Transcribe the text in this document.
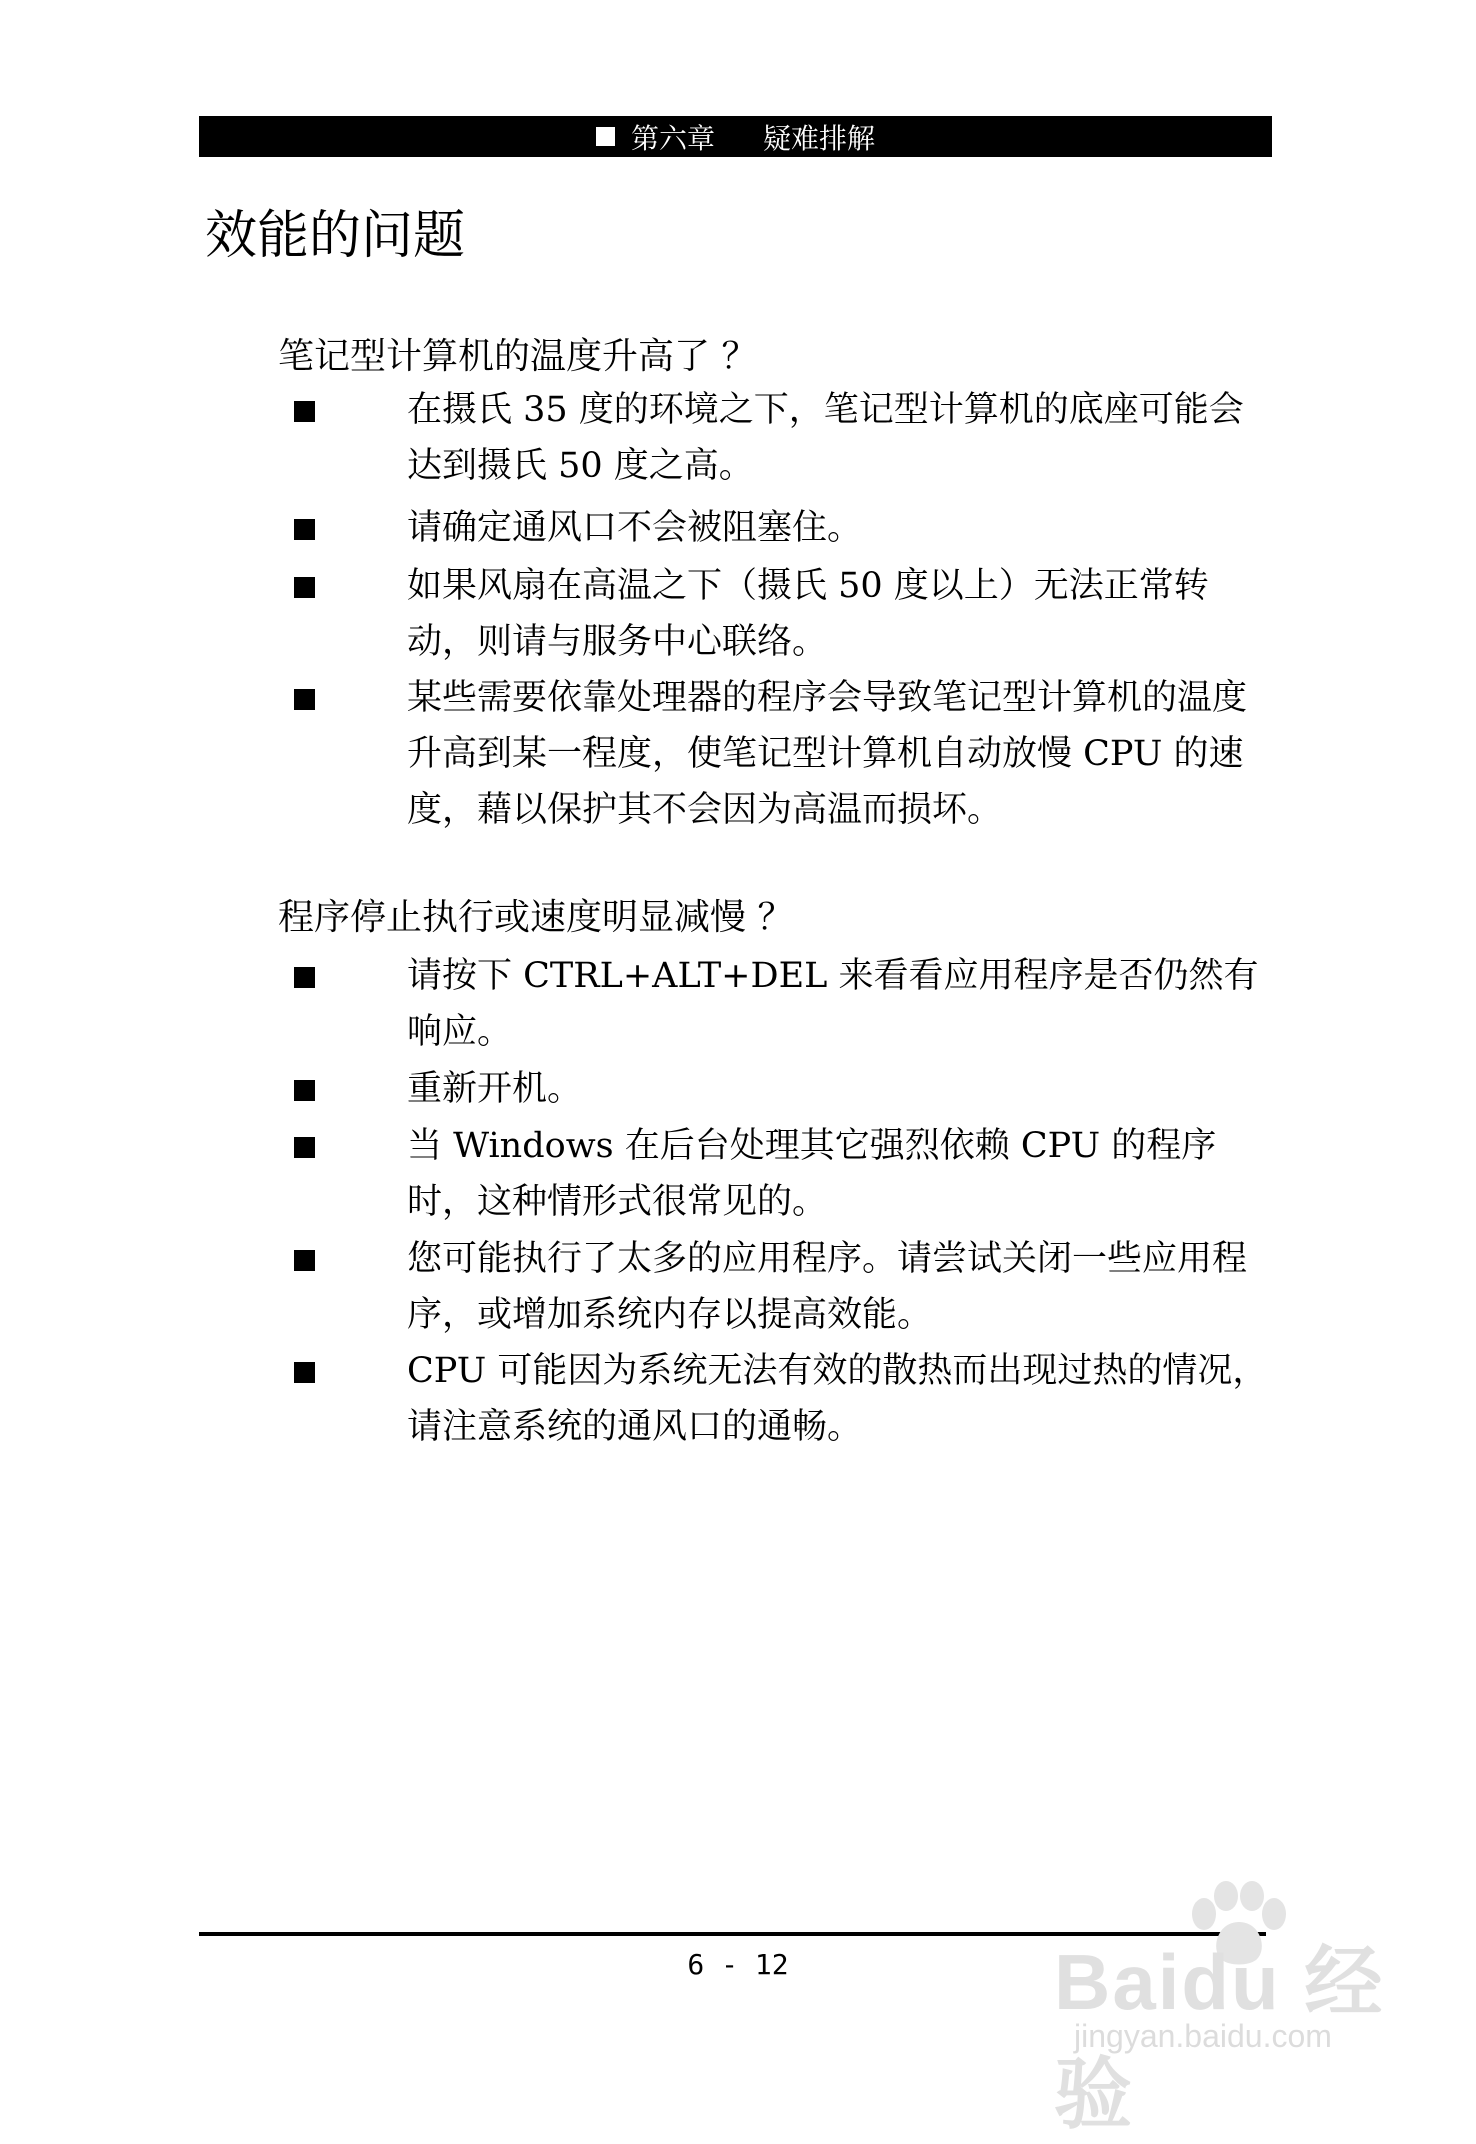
第六章 疑难排解
效能的问题
笔记型计算机的温度升高了 ？
在摄氏 35 度的环境之下，笔记型计算机的底座可能会达到摄氏 50 度之高。
请确定通风口不会被阻塞住。
如果风扇在高温之下（摄氏 50 度以上）无法正常转动，则请与服务中心联络。
某些需要依靠处理器的程序会导致笔记型计算机的温度升高到某一程度，使笔记型计算机自动放慢 CPU 的速度，藉以保护其不会因为高温而损坏。
程序停止执行或速度明显减慢 ？
请按下 CTRL+ALT+DEL 来看看应用程序是否仍然有响应。
重新开机。
当 Windows 在后台处理其它强烈依赖 CPU 的程序时，这种情形式很常见的。
您可能执行了太多的应用程序。请尝试关闭一些应用程序，或增加系统内存以提高效能。
CPU 可能因为系统无法有效的散热而出现过热的情况，请注意系统的通风口的通畅。
6 - 12	Baidu 经验
jingyan.baidu.com
